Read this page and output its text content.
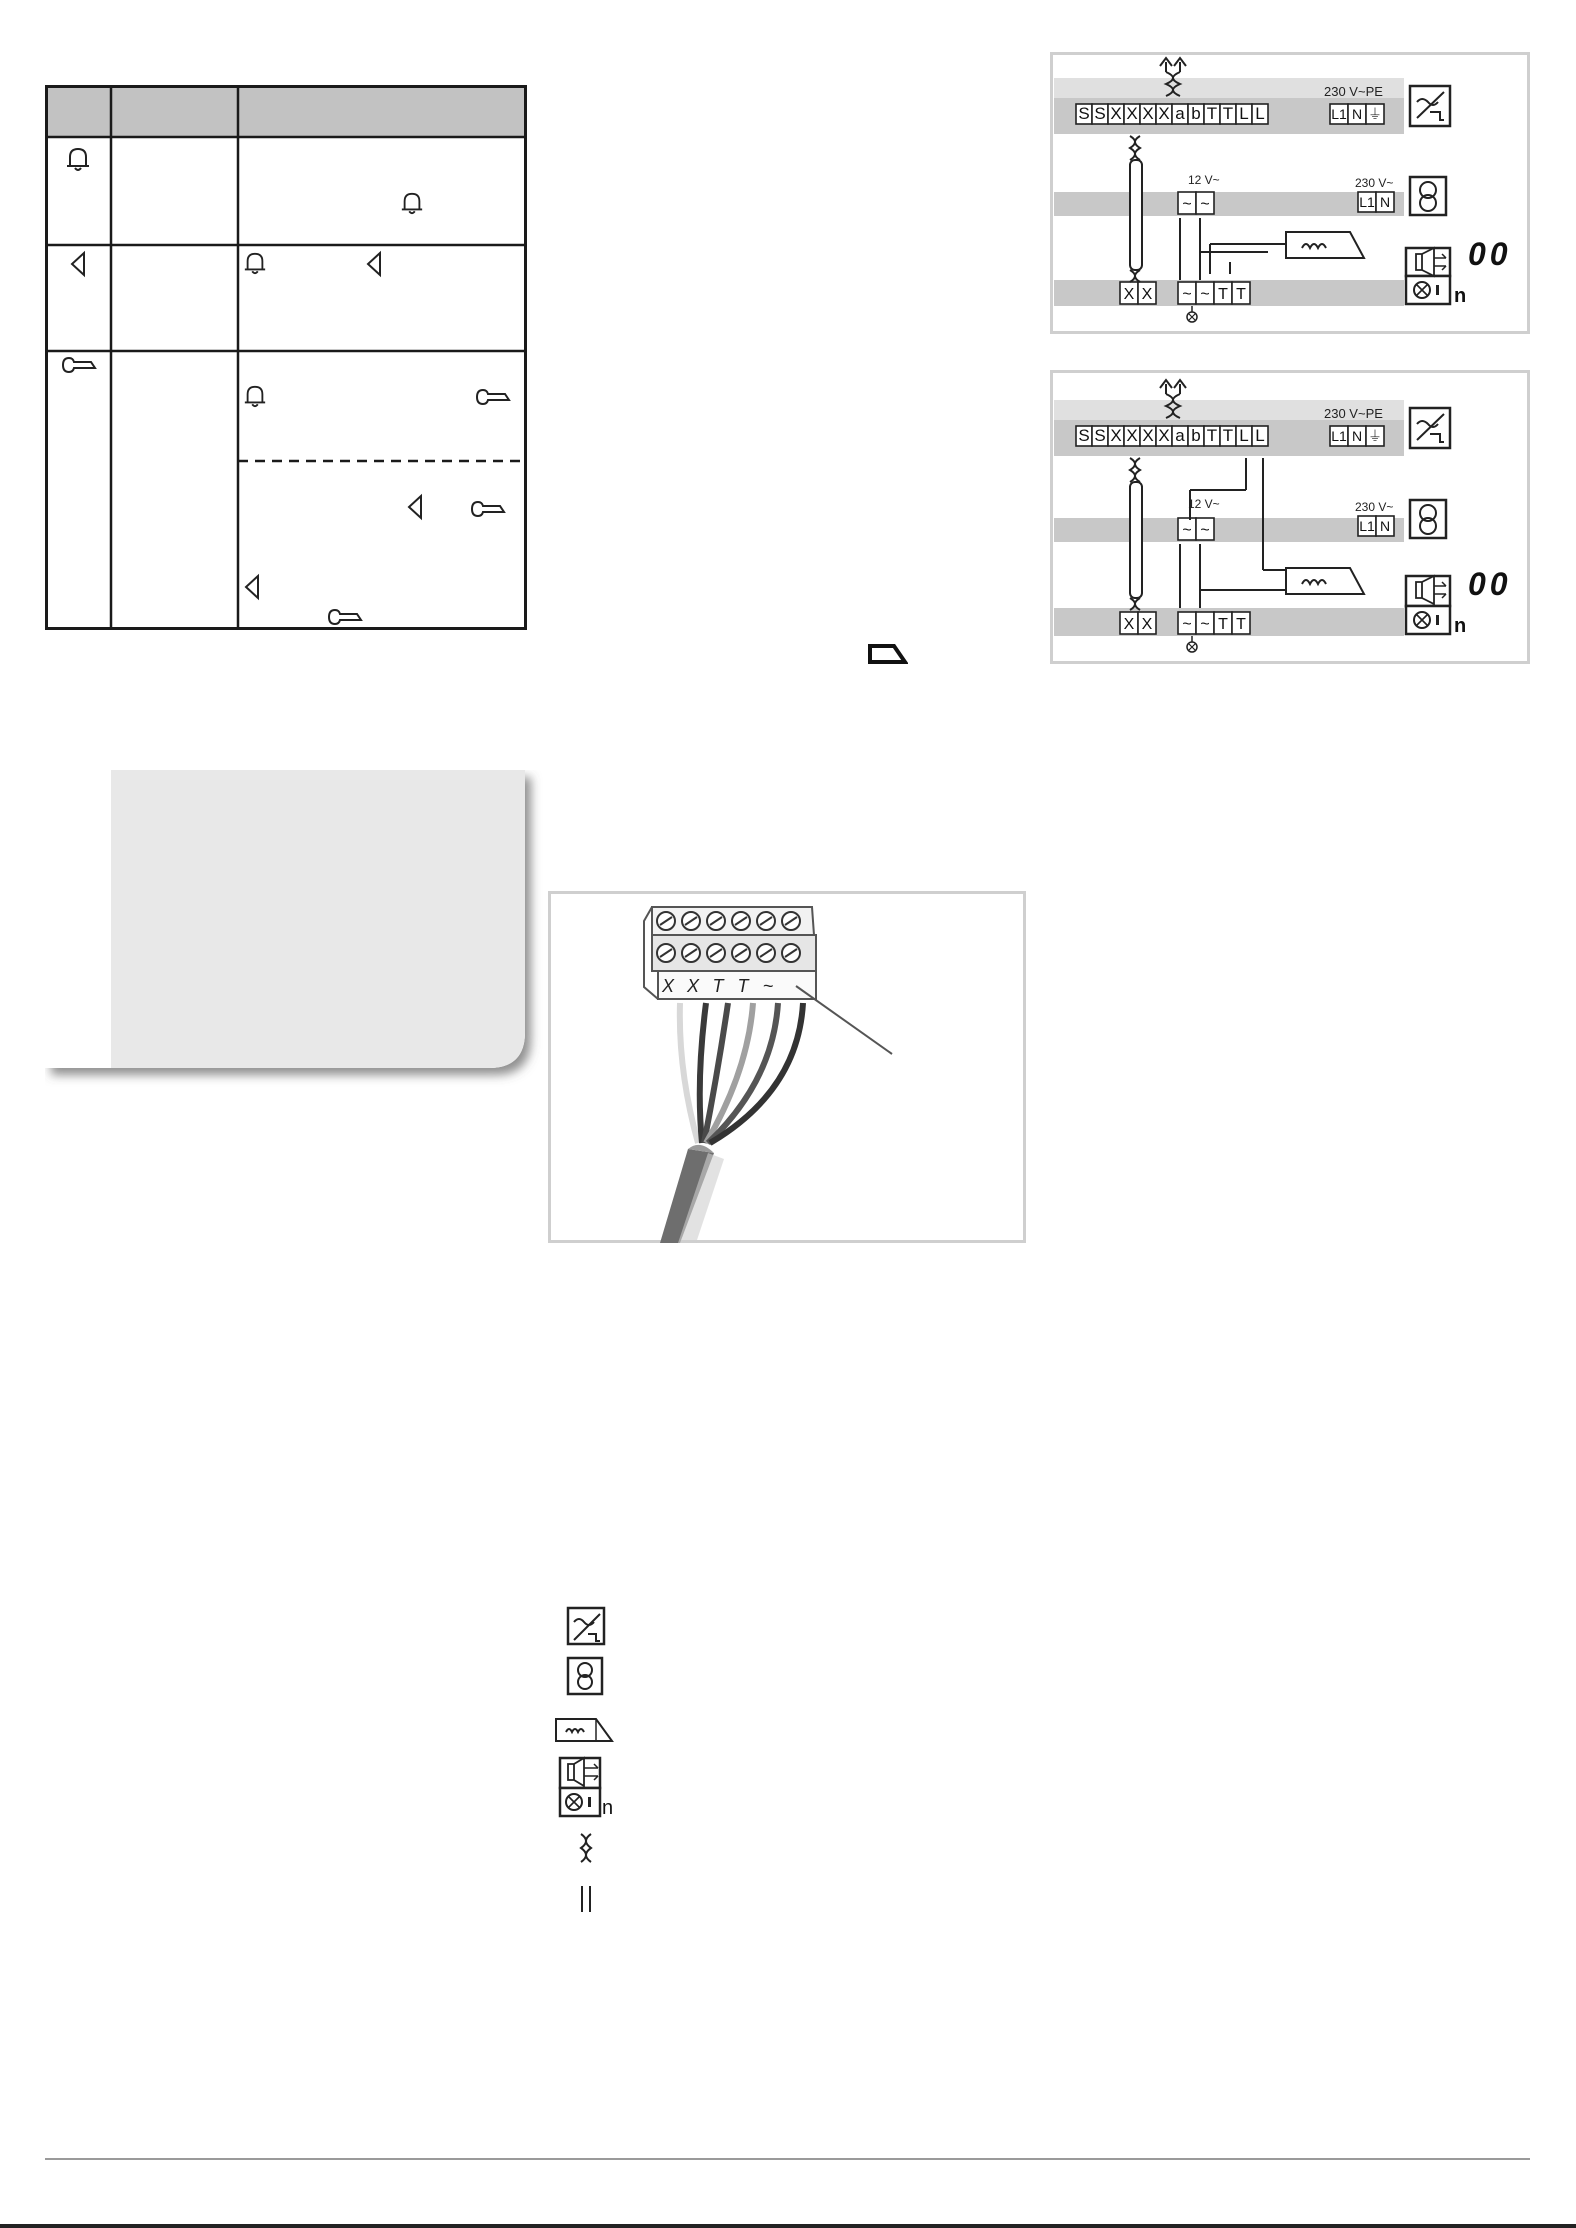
S S X X X X a b T T L L
230 V~PE
L1 N ⏚
230 V~
L1 N
12 V~
~ ~
X X ~ ~ T T	n
00
S S X X X X a b T T L L
230 V~PE
L1 N ⏚
230 V~
L1 N
12 V~
~ ~
X X ~ ~ T T	n
00
X X T T ~
n
